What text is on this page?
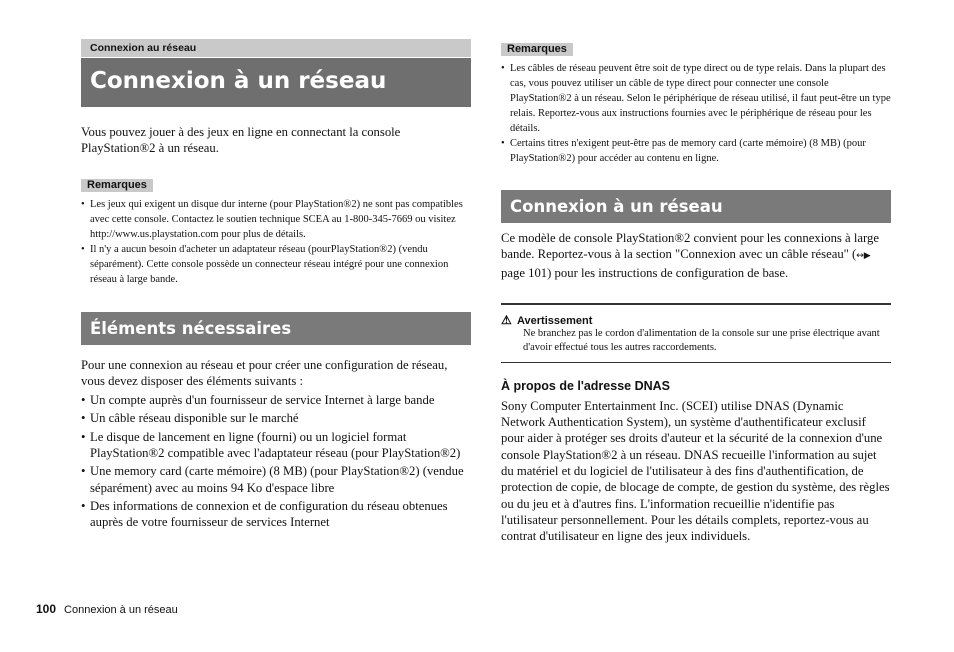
Connexion au réseau
Connexion à un réseau

Vous pouvez jouer à des jeux en ligne en connectant la console PlayStation®2 à un réseau.

Remarques
• Les jeux qui exigent un disque dur interne (pour PlayStation®2) ne sont pas compatibles avec cette console. Contactez le soutien technique SCEA au 1-800-345-7669 ou visitez http://www.us.playstation.com pour plus de détails.
• Il n'y a aucun besoin d'acheter un adaptateur réseau (pourPlayStation®2) (vendu séparément). Cette console possède un connecteur réseau intégré pour une connexion réseau à large bande.
Éléments nécessaires

Pour une connexion au réseau et pour créer une configuration de réseau, vous devez disposer des éléments suivants :

• Un compte auprès d'un fournisseur de service Internet à large bande
• Un câble réseau disponible sur le marché
• Le disque de lancement en ligne (fourni) ou un logiciel format PlayStation®2 compatible avec l'adaptateur réseau (pour PlayStation®2)
• Une memory card (carte mémoire) (8 MB) (pour PlayStation®2) (vendue séparément) avec au moins 94 Ko d'espace libre
• Des informations de connexion et de configuration du réseau obtenues auprès de votre fournisseur de services Internet
Remarques
• Les câbles de réseau peuvent être soit de type direct ou de type relais. Dans la plupart des cas, vous pouvez utiliser un câble de type direct pour connecter une console PlayStation®2 à un réseau. Selon le périphérique de réseau utilisé, il faut peut-être un type relais. Reportez-vous aux instructions fournies avec le périphérique de réseau pour les détails.
• Certains titres n'exigent peut-être pas de memory card (carte mémoire) (8 MB) (pour PlayStation®2) pour accéder au contenu en ligne.
Connexion à un réseau

Ce modèle de console PlayStation®2 convient pour les connexions à large bande. Reportez-vous à la section "Connexion avec un câble réseau" (↔▶ page 101) pour les instructions de configuration de base.

⚠ Avertissement
Ne branchez pas le cordon d'alimentation de la console sur une prise électrique avant d'avoir effectué tous les autres raccordements.
À propos de l'adresse DNAS

Sony Computer Entertainment Inc. (SCEI) utilise DNAS (Dynamic Network Authentication System), un système d'authentificateur exclusif pour aider à protéger ses droits d'auteur et la sécurité de la connexion d'une console PlayStation®2 à un réseau. DNAS recueille l'information au sujet du matériel et du logiciel de l'utilisateur à des fins d'authentification, de protection de copie, de blocage de compte, de gestion du système, des règles ou du jeu et à d'autres fins. L'information recueillie n'identifie pas l'utilisateur personnellement. Pour les détails complets, reportez-vous au contrat d'utilisateur en ligne des jeux individuels.

100 Connexion à un réseau
